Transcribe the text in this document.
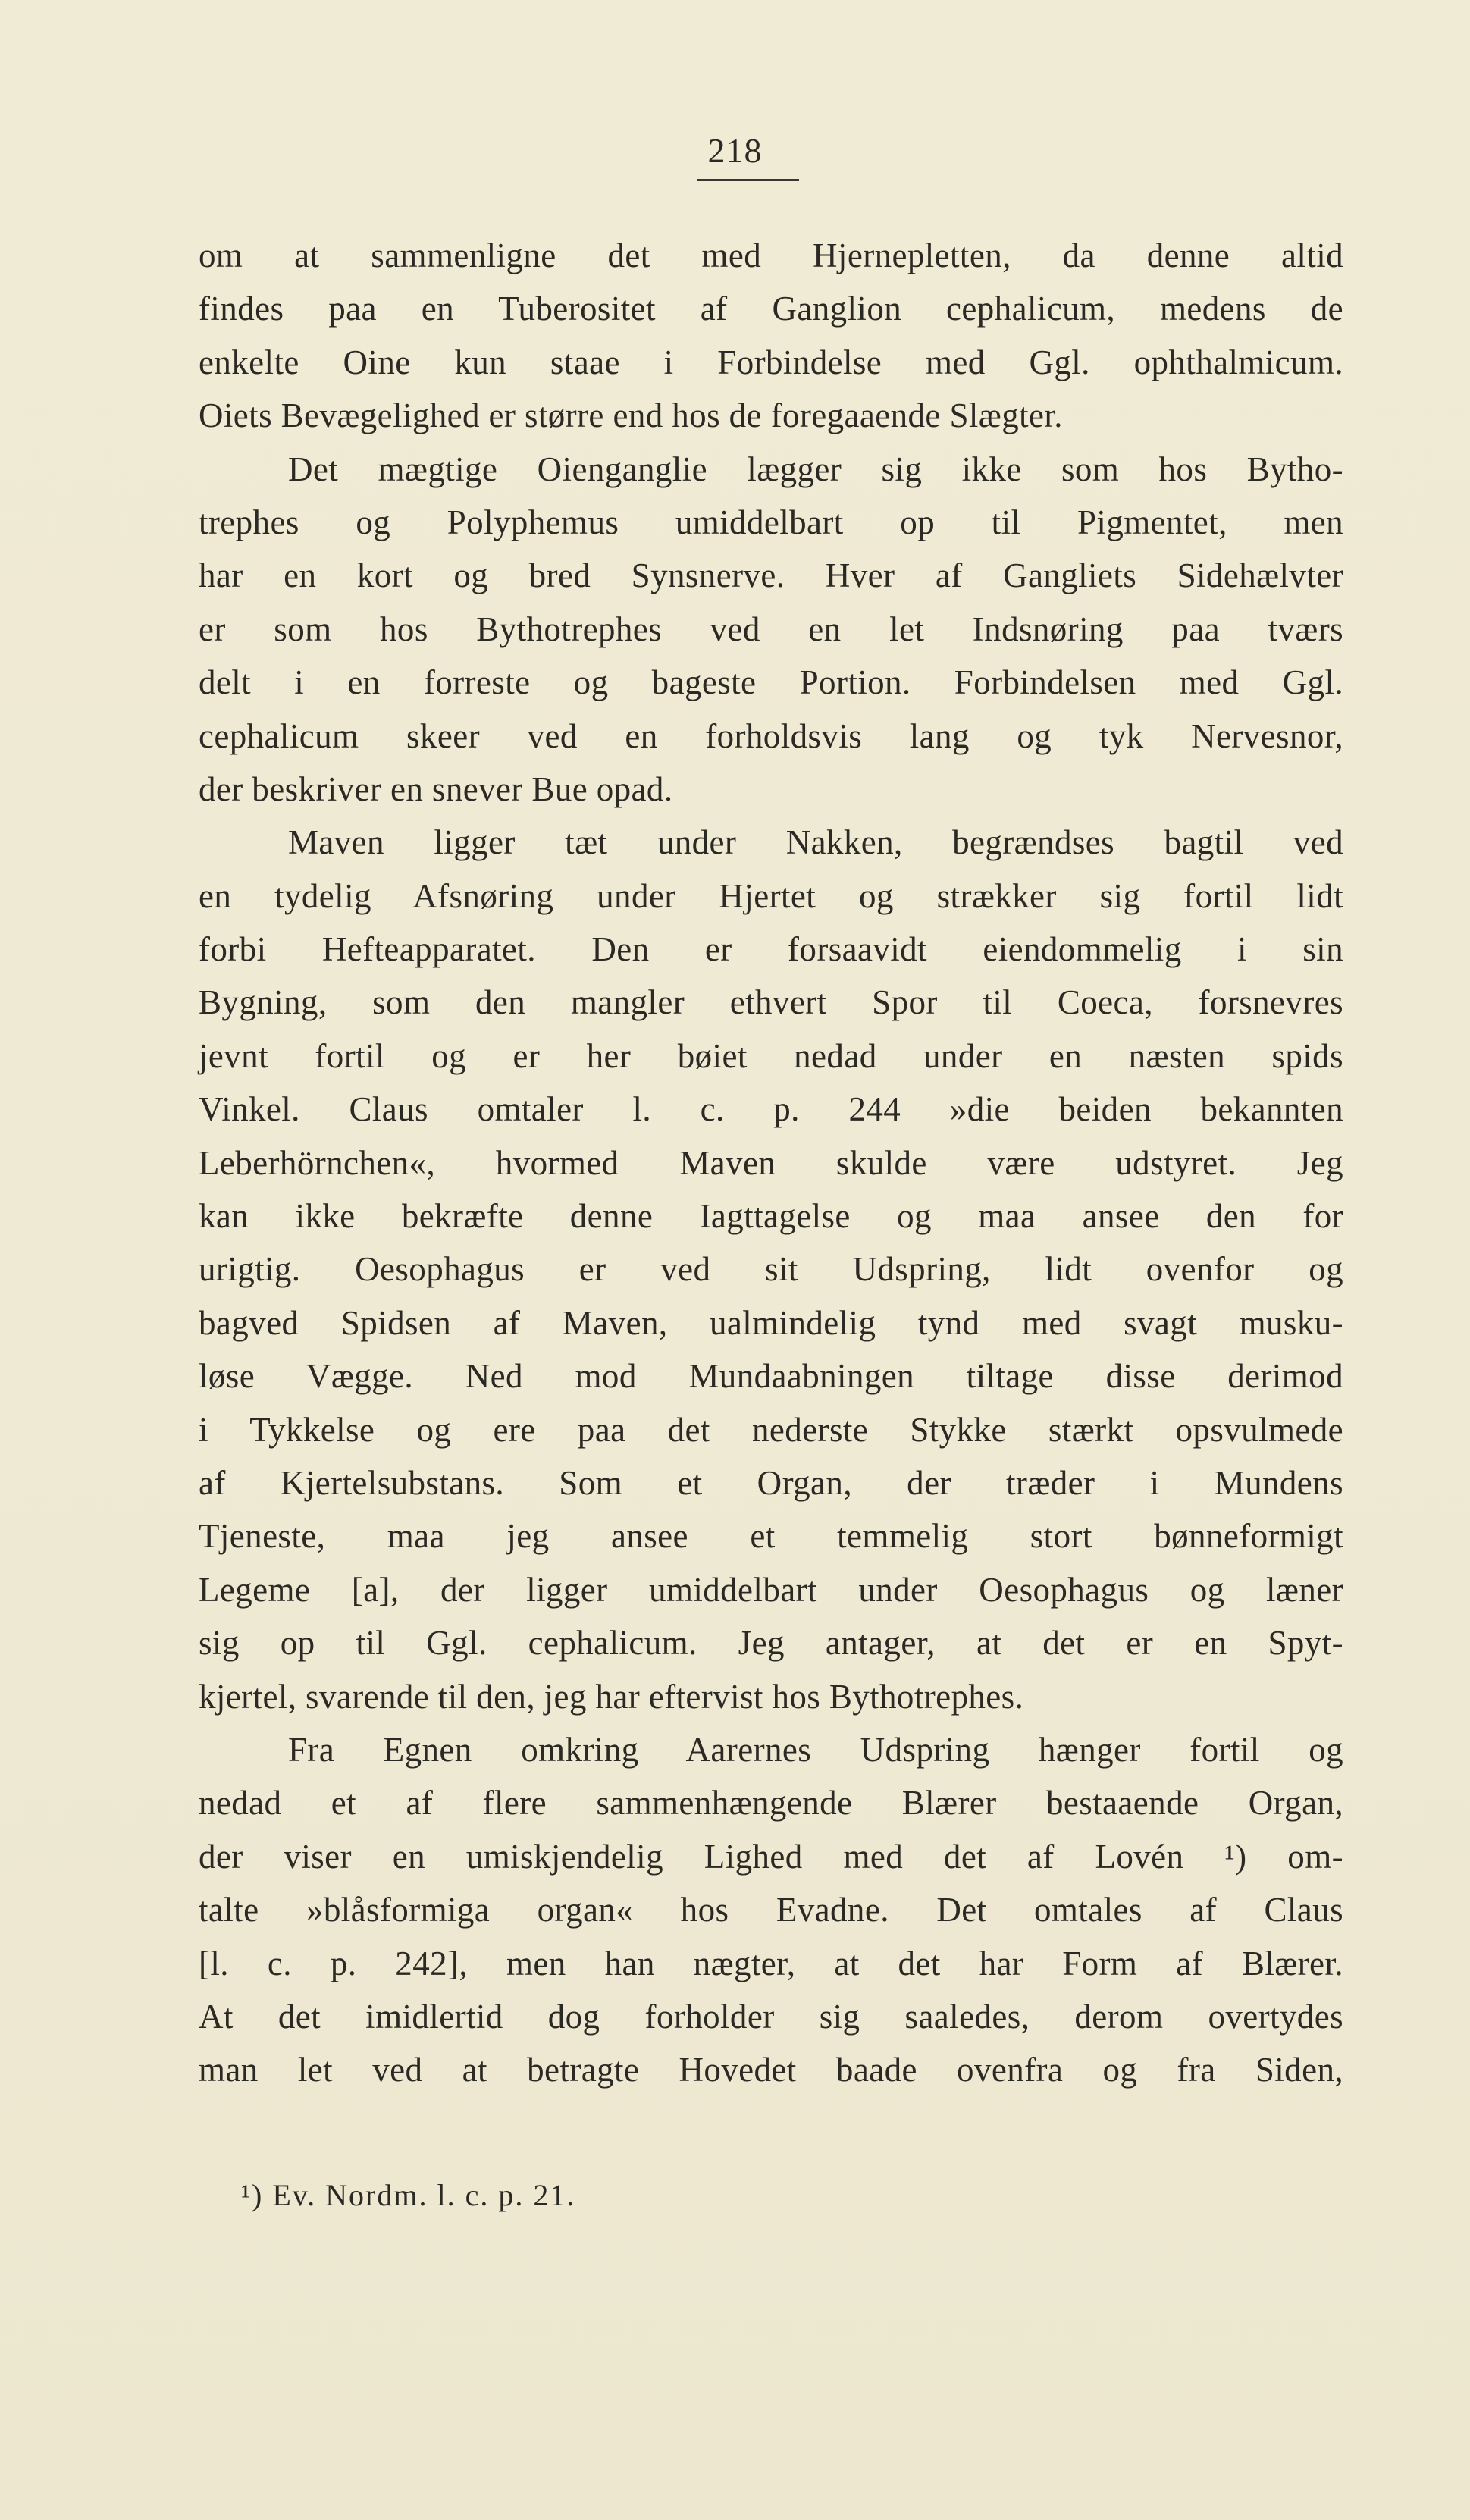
218
om at sammenligne det med Hjernepletten, da denne altid
findes paa en Tuberositet af Ganglion cephalicum, medens de
enkelte Oine kun staae i Forbindelse med Ggl. ophthalmicum.
Oiets Bevægelighed er større end hos de foregaaende Slægter.
Det mægtige Oienganglie lægger sig ikke som hos Bytho-
trephes og Polyphemus umiddelbart op til Pigmentet, men
har en kort og bred Synsnerve. Hver af Gangliets Sidehælvter
er som hos Bythotrephes ved en let Indsnøring paa tværs
delt i en forreste og bageste Portion. Forbindelsen med Ggl.
cephalicum skeer ved en forholdsvis lang og tyk Nervesnor,
der beskriver en snever Bue opad.
Maven ligger tæt under Nakken, begrændses bagtil ved
en tydelig Afsnøring under Hjertet og strækker sig fortil lidt
forbi Hefteapparatet. Den er forsaavidt eiendommelig i sin
Bygning, som den mangler ethvert Spor til Coeca, forsnevres
jevnt fortil og er her bøiet nedad under en næsten spids
Vinkel. Claus omtaler l. c. p. 244 »die beiden bekannten
Leberhörnchen«, hvormed Maven skulde være udstyret. Jeg
kan ikke bekræfte denne Iagttagelse og maa ansee den for
urigtig. Oesophagus er ved sit Udspring, lidt ovenfor og
bagved Spidsen af Maven, ualmindelig tynd med svagt musku-
løse Vægge. Ned mod Mundaabningen tiltage disse derimod
i Tykkelse og ere paa det nederste Stykke stærkt opsvulmede
af Kjertelsubstans. Som et Organ, der træder i Mundens
Tjeneste, maa jeg ansee et temmelig stort bønneformigt
Legeme [a], der ligger umiddelbart under Oesophagus og læner
sig op til Ggl. cephalicum. Jeg antager, at det er en Spyt-
kjertel, svarende til den, jeg har eftervist hos Bythotrephes.
Fra Egnen omkring Aarernes Udspring hænger fortil og
nedad et af flere sammenhængende Blærer bestaaende Organ,
der viser en umiskjendelig Lighed med det af Lovén ¹) om-
talte »blåsformiga organ« hos Evadne. Det omtales af Claus
[l. c. p. 242], men han nægter, at det har Form af Blærer.
At det imidlertid dog forholder sig saaledes, derom overtydes
man let ved at betragte Hovedet baade ovenfra og fra Siden,
¹) Ev. Nordm. l. c. p. 21.
